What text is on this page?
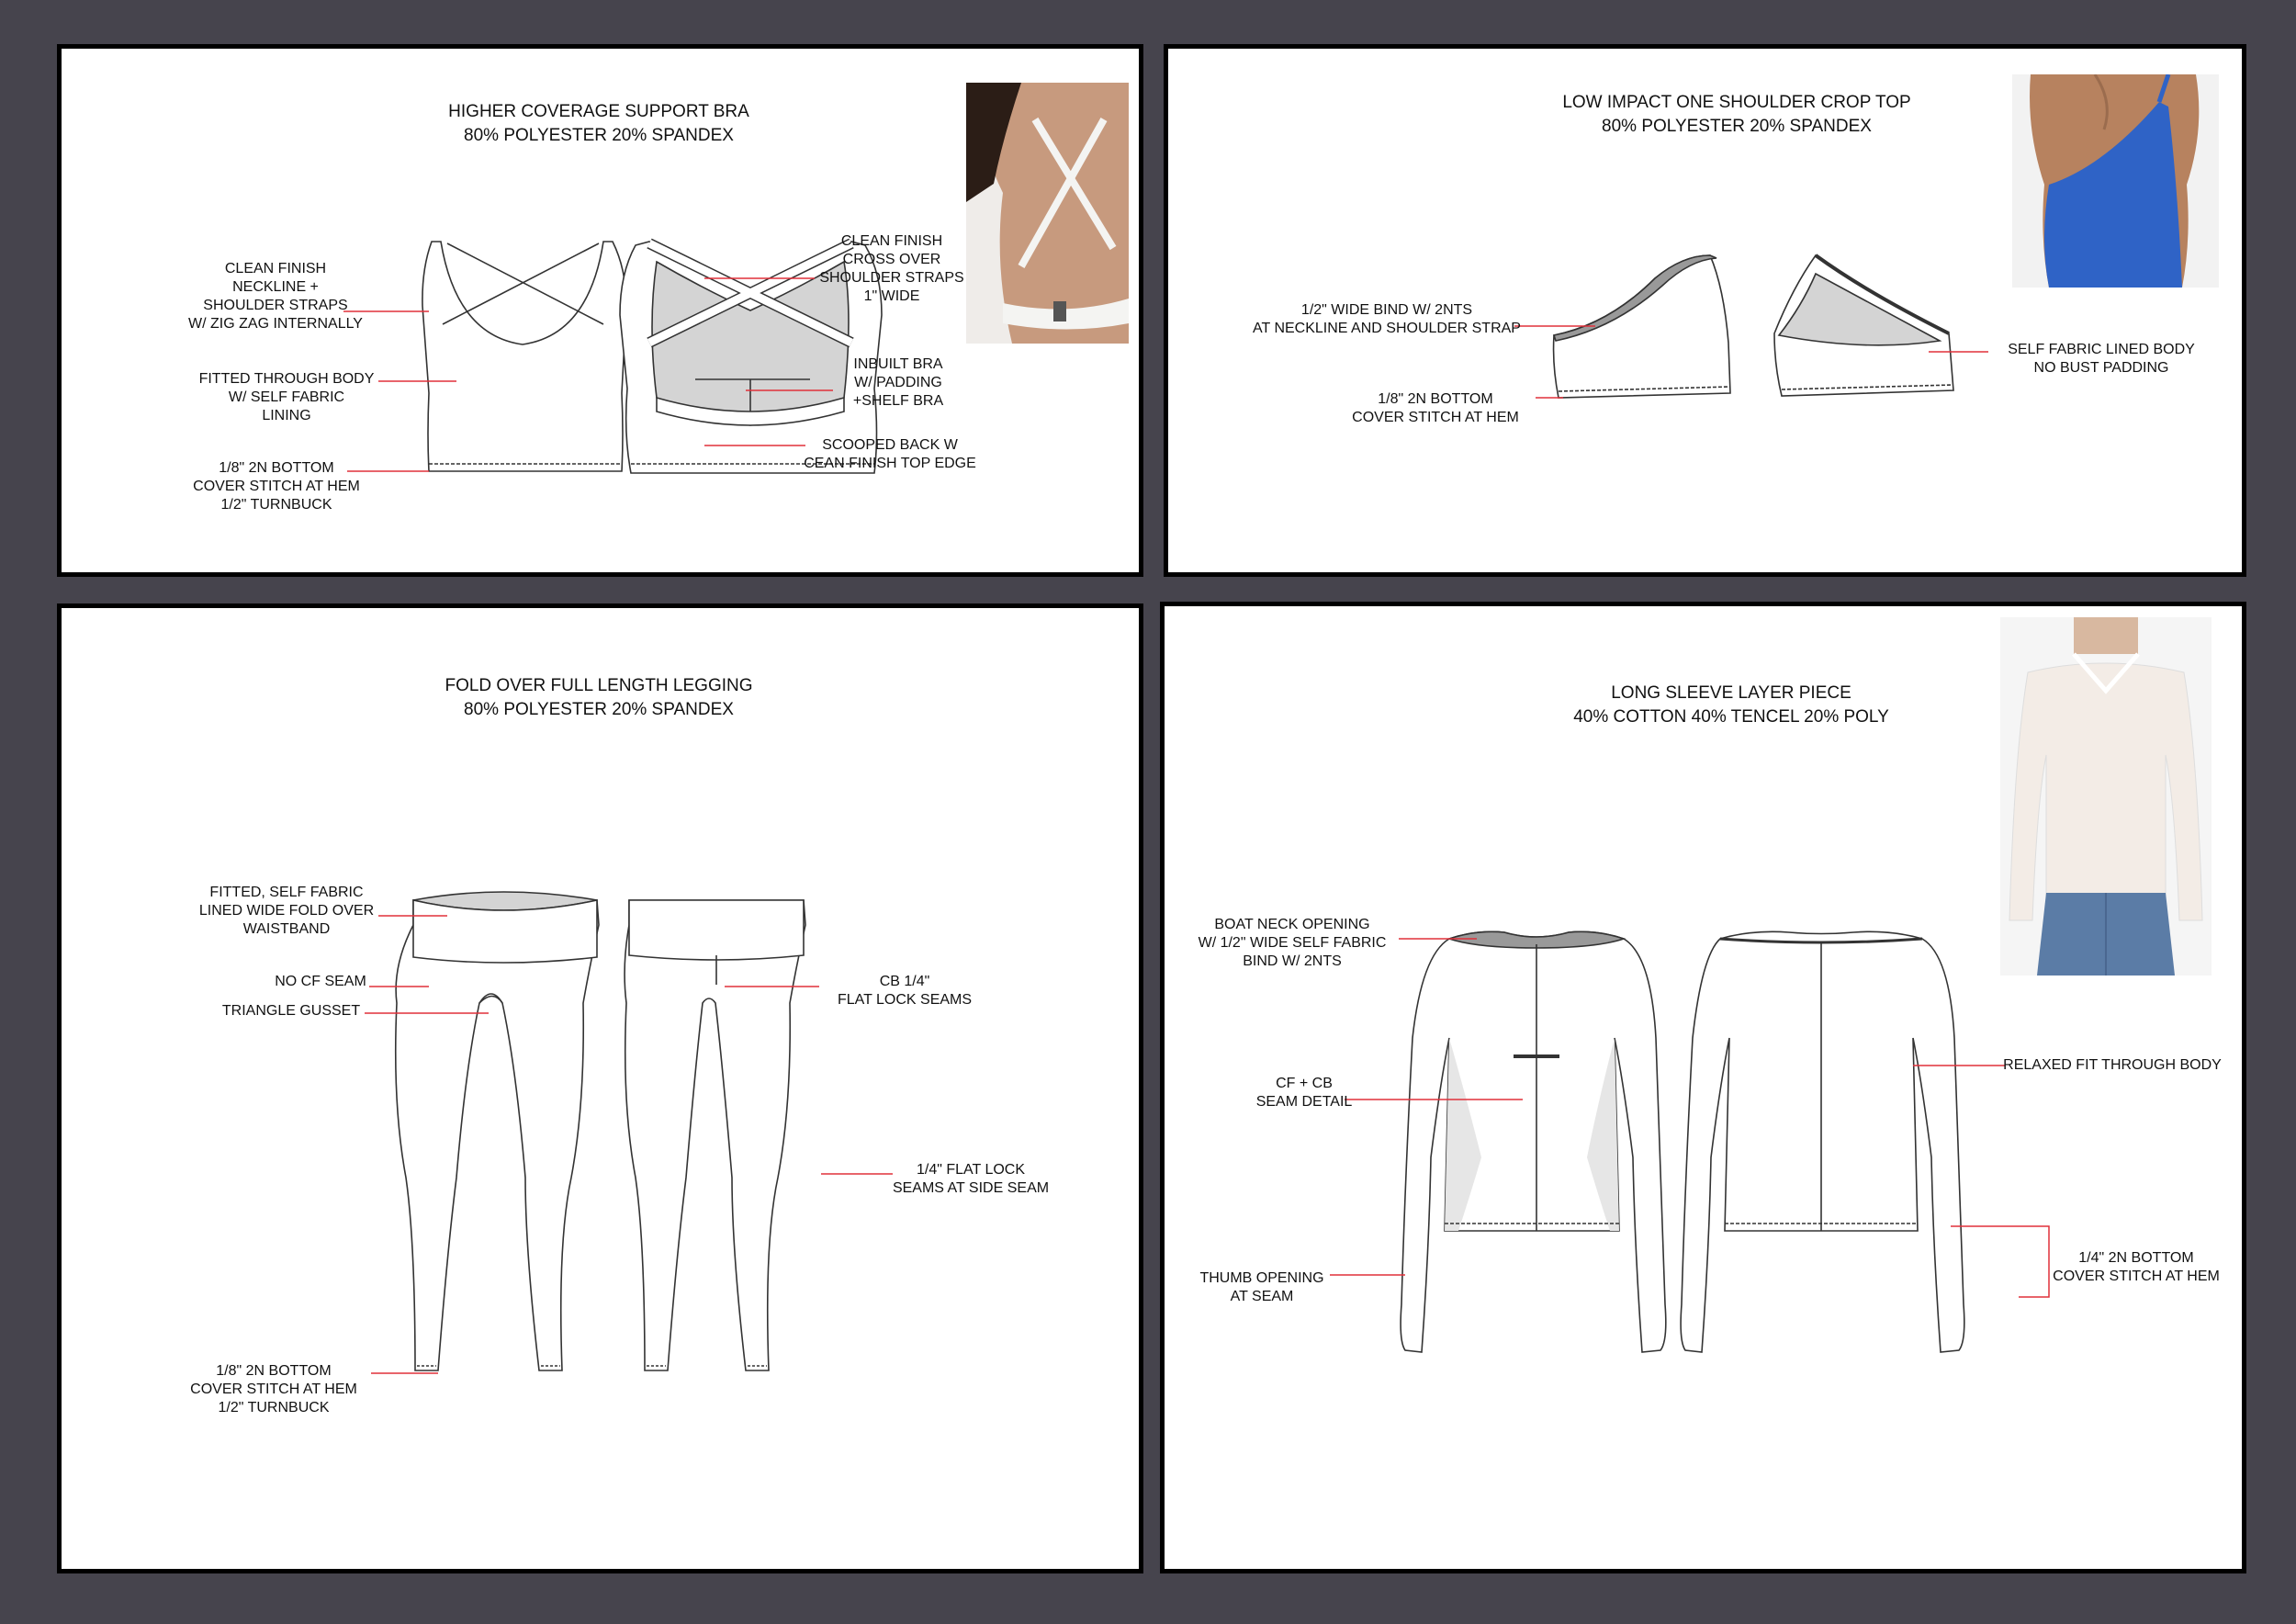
HIGHER COVERAGE SUPPORT BRA
80% POLYESTER 20% SPANDEX
CLEAN FINISH
NECKLINE +
SHOULDER STRAPS
W/ ZIG ZAG INTERNALLY
FITTED THROUGH BODY
W/ SELF FABRIC
LINING
1/8" 2N BOTTOM
COVER STITCH AT HEM
1/2" TURNBUCK
CLEAN FINISH
CROSS OVER
SHOULDER STRAPS
1" WIDE
INBUILT BRA
W/ PADDING
+SHELF BRA
SCOOPED BACK W
CEAN FINISH TOP EDGE
LOW IMPACT ONE SHOULDER CROP TOP
80% POLYESTER 20% SPANDEX
1/2" WIDE BIND W/ 2NTS
AT NECKLINE AND SHOULDER STRAP
1/8" 2N BOTTOM
COVER STITCH AT HEM
SELF FABRIC LINED BODY
NO BUST PADDING
FOLD OVER FULL LENGTH LEGGING
80% POLYESTER 20% SPANDEX
FITTED, SELF FABRIC
LINED WIDE FOLD OVER
WAISTBAND
NO CF SEAM
TRIANGLE GUSSET
1/8" 2N BOTTOM
COVER STITCH AT HEM
1/2" TURNBUCK
CB 1/4"
FLAT LOCK SEAMS
1/4" FLAT LOCK
SEAMS AT SIDE SEAM
LONG SLEEVE LAYER PIECE
40% COTTON 40% TENCEL 20% POLY
BOAT NECK OPENING
W/ 1/2" WIDE SELF FABRIC
BIND W/ 2NTS
CF + CB
SEAM DETAIL
THUMB OPENING
AT SEAM
RELAXED FIT THROUGH BODY
1/4" 2N BOTTOM
COVER STITCH AT HEM
